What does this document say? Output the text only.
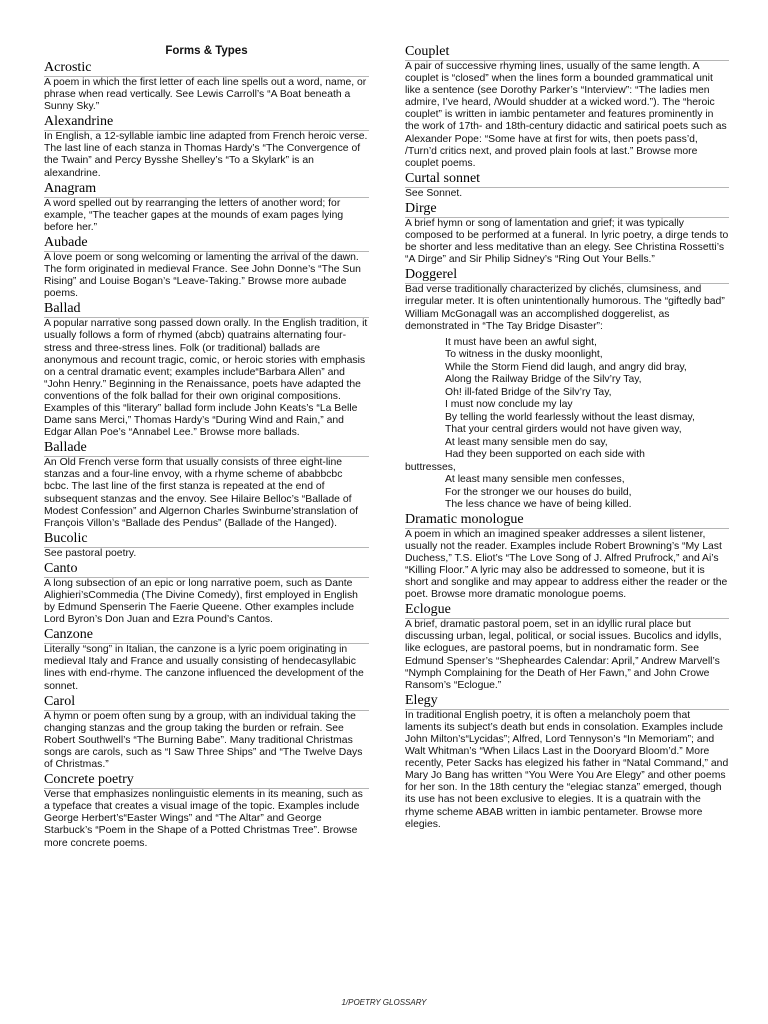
Forms & Types
Acrostic
A poem in which the first letter of each line spells out a word, name, or phrase when read vertically. See Lewis Carroll’s “A Boat beneath a Sunny Sky.”
Alexandrine
In English, a 12-syllable iambic line adapted from French heroic verse. The last line of each stanza in Thomas Hardy’s “The Convergence of the Twain” and Percy Bysshe Shelley’s “To a Skylark” is an alexandrine.
Anagram
A word spelled out by rearranging the letters of another word; for example, “The teacher gapes at the mounds of exam pages lying before her.”
Aubade
A love poem or song welcoming or lamenting the arrival of the dawn. The form originated in medieval France. See John Donne’s “The Sun Rising” and Louise Bogan’s “Leave-Taking.” Browse more aubade poems.
Ballad
A popular narrative song passed down orally. In the English tradition, it usually follows a form of rhymed (abcb) quatrains alternating four-stress and three-stress lines. Folk (or traditional) ballads are anonymous and recount tragic, comic, or heroic stories with emphasis on a central dramatic event; examples include“Barbara Allen” and “John Henry.” Beginning in the Renaissance, poets have adapted the conventions of the folk ballad for their own original compositions. Examples of this “literary” ballad form include John Keats’s “La Belle Dame sans Merci,” Thomas Hardy’s “During Wind and Rain,” and Edgar Allan Poe’s “Annabel Lee.” Browse more ballads.
Ballade
An Old French verse form that usually consists of three eight-line stanzas and a four-line envoy, with a rhyme scheme of ababbcbc bcbc. The last line of the first stanza is repeated at the end of subsequent stanzas and the envoy. See Hilaire Belloc’s “Ballade of Modest Confession” and Algernon Charles Swinburne’stranslation of François Villon’s “Ballade des Pendus” (Ballade of the Hanged).
Bucolic
See pastoral poetry.
Canto
A long subsection of an epic or long narrative poem, such as Dante Alighieri’sCommedia (The Divine Comedy), first employed in English by Edmund Spenserin The Faerie Queene. Other examples include Lord Byron’s Don Juan and Ezra Pound’s Cantos.
Canzone
Literally “song” in Italian, the canzone is a lyric poem originating in medieval Italy and France and usually consisting of hendecasyllabic lines with end-rhyme. The canzone influenced the development of the sonnet.
Carol
A hymn or poem often sung by a group, with an individual taking the changing stanzas and the group taking the burden or refrain. See Robert Southwell’s “The Burning Babe”. Many traditional Christmas songs are carols, such as “I Saw Three Ships” and “The Twelve Days of Christmas.”
Concrete poetry
Verse that emphasizes nonlinguistic elements in its meaning, such as a typeface that creates a visual image of the topic. Examples include George Herbert’s“Easter Wings” and “The Altar” and George Starbuck’s “Poem in the Shape of a Potted Christmas Tree”. Browse more concrete poems.
Couplet
A pair of successive rhyming lines, usually of the same length. A couplet is “closed” when the lines form a bounded grammatical unit like a sentence (see Dorothy Parker’s “Interview”: “The ladies men admire, I’ve heard, /Would shudder at a wicked word.”). The “heroic couplet” is written in iambic pentameter and features prominently in the work of 17th- and 18th-century didactic and satirical poets such as Alexander Pope: “Some have at first for wits, then poets pass’d, /Turn’d critics next, and proved plain fools at last.” Browse more couplet poems.
Curtal sonnet
See Sonnet.
Dirge
A brief hymn or song of lamentation and grief; it was typically composed to be performed at a funeral. In lyric poetry, a dirge tends to be shorter and less meditative than an elegy. See Christina Rossetti’s “A Dirge” and Sir Philip Sidney’s “Ring Out Your Bells.”
Doggerel
Bad verse traditionally characterized by clichés, clumsiness, and irregular meter. It is often unintentionally humorous. The “giftedly bad” William McGonagall was an accomplished doggerelist, as demonstrated in “The Tay Bridge Disaster”:
It must have been an awful sight,
To witness in the dusky moonlight,
While the Storm Fiend did laugh, and angry did bray,
Along the Railway Bridge of the Silv’ry Tay,
Oh! ill-fated Bridge of the Silv’ry Tay,
I must now conclude my lay
By telling the world fearlessly without the least dismay,
That your central girders would not have given way,
At least many sensible men do say,
Had they been supported on each side with
buttresses,
At least many sensible men confesses,
For the stronger we our houses do build,
The less chance we have of being killed.
Dramatic monologue
A poem in which an imagined speaker addresses a silent listener, usually not the reader. Examples include Robert Browning’s “My Last Duchess,” T.S. Eliot’s “The Love Song of J. Alfred Prufrock,” and Ai’s “Killing Floor.” A lyric may also be addressed to someone, but it is short and songlike and may appear to address either the reader or the poet. Browse more dramatic monologue poems.
Eclogue
A brief, dramatic pastoral poem, set in an idyllic rural place but discussing urban, legal, political, or social issues. Bucolics and idylls, like eclogues, are pastoral poems, but in nondramatic form. See Edmund Spenser’s “Shepheardes Calendar: April,” Andrew Marvell’s “Nymph Complaining for the Death of Her Fawn,” and John Crowe Ransom’s “Eclogue.”
Elegy
In traditional English poetry, it is often a melancholy poem that laments its subject’s death but ends in consolation. Examples include John Milton’s“Lycidas”; Alfred, Lord Tennyson’s “In Memoriam”; and Walt Whitman’s “When Lilacs Last in the Dooryard Bloom’d.” More recently, Peter Sacks has elegized his father in “Natal Command,” and Mary Jo Bang has written “You Were You Are Elegy” and other poems for her son. In the 18th century the “elegiac stanza” emerged, though its use has not been exclusive to elegies. It is a quatrain with the rhyme scheme ABAB written in iambic pentameter. Browse more elegies.
1/POETRY GLOSSARY
